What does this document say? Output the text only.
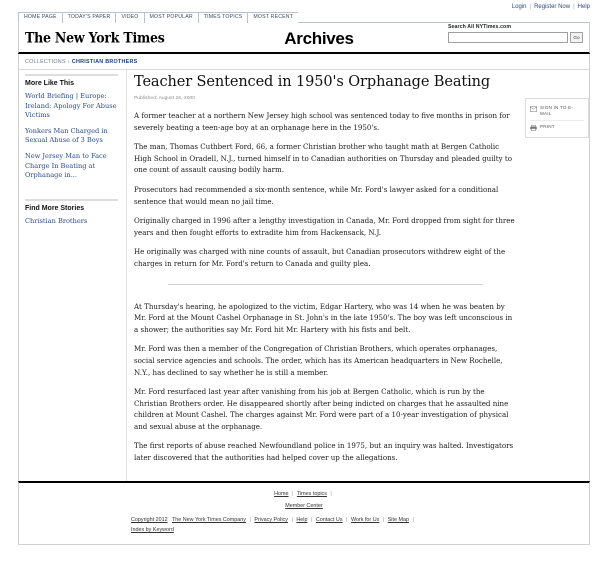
HOME PAGE	TODAY'S PAPER	VIDEO	MOST POPULAR	TIMES TOPICS	MOST RECENT
Login | Register Now | Help
The New York Times	Archives
Search All NYTimes.com
Go
COLLECTIONS › CHRISTIAN BROTHERS
More Like This
World Briefing | Europe: Ireland: Apology For Abuse Victims
Yonkers Man Charged in Sexual Abuse of 3 Boys
New Jersey Man to Face Charge In Beating at Orphanage in...
Find More Stories
Christian Brothers
Teacher Sentenced in 1950's Orphanage Beating
Published: August 26, 2000

A former teacher at a northern New Jersey high school was sentenced today to five months in prison for severely beating a teen-age boy at an orphanage here in the 1950's.

The man, Thomas Cuthbert Ford, 66, a former Christian brother who taught math at Bergen Catholic High School in Oradell, N.J., turned himself in to Canadian authorities on Thursday and pleaded guilty to one count of assault causing bodily harm.

Prosecutors had recommended a six-month sentence, while Mr. Ford's lawyer asked for a conditional sentence that would mean no jail time.

Originally charged in 1996 after a lengthy investigation in Canada, Mr. Ford dropped from sight for three years and then fought efforts to extradite him from Hackensack, N.J.

He originally was charged with nine counts of assault, but Canadian prosecutors withdrew eight of the charges in return for Mr. Ford's return to Canada and guilty plea.

At Thursday's hearing, he apologized to the victim, Edgar Hartery, who was 14 when he was beaten by Mr. Ford at the Mount Cashel Orphanage in St. John's in the late 1950's. The boy was left unconscious in a shower; the authorities say Mr. Ford hit Mr. Hartery with his fists and belt.

Mr. Ford was then a member of the Congregation of Christian Brothers, which operates orphanages, social service agencies and schools. The order, which has its American headquarters in New Rochelle, N.Y., has declined to say whether he is still a member.

Mr. Ford resurfaced last year after vanishing from his job at Bergen Catholic, which is run by the Christian Brothers order. He disappeared shortly after being indicted on charges that he assaulted nine children at Mount Cashel. The charges against Mr. Ford were part of a 10-year investigation of physical and sexual abuse at the orphanage.

The first reports of abuse reached Newfoundland police in 1975, but an inquiry was halted. Investigators later discovered that the authorities had helped cover up the allegations.

SIGN IN TO E-MAIL
PRINT
Home | Times topics |
Member Center
Copyright 2012 The New York Times Company | Privacy Policy | Help | Contact Us | Work for Us | Site Map |
Index by Keyword
